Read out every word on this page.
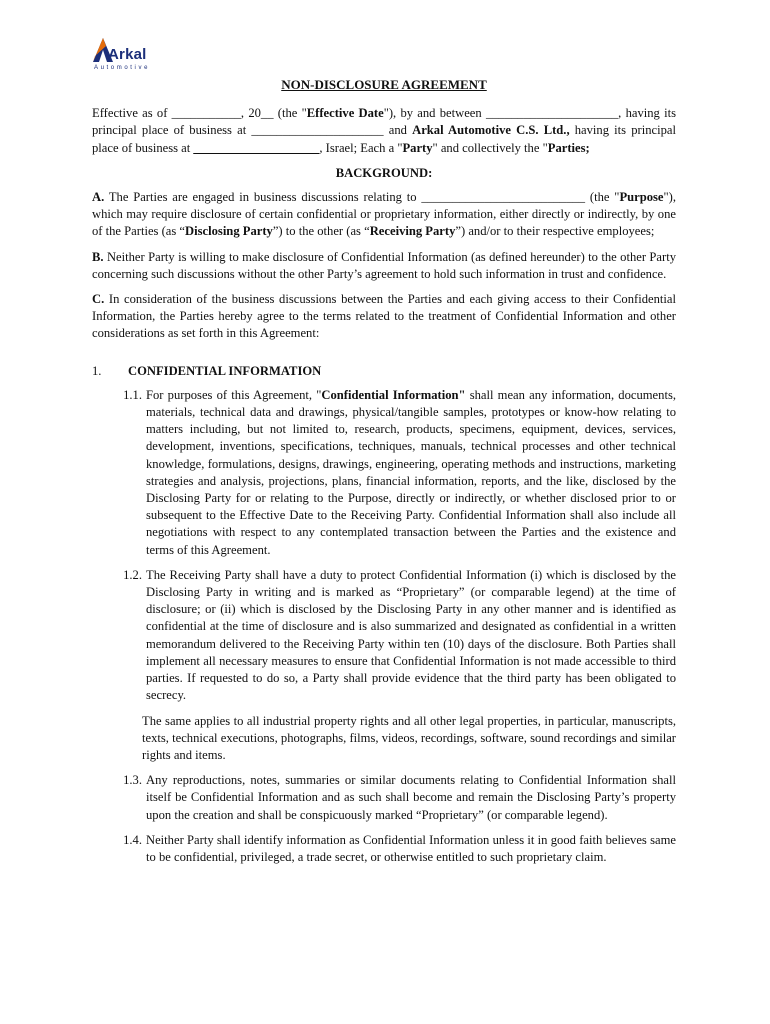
Arkal
Automotive
NON-DISCLOSURE AGREEMENT

Effective as of ___________, 20__ (the "Effective Date"), by and between _____________________, having its principal place of business at _____________________ and Arkal Automotive C.S. Ltd., having its principal place of business at ____________________, Israel; Each a "Party" and collectively the "Parties;

BACKGROUND:

A. The Parties are engaged in business discussions relating to __________________________ (the "Purpose"), which may require disclosure of certain confidential or proprietary information, either directly or indirectly, by one of the Parties (as “Disclosing Party”) to the other (as “Receiving Party”) and/or to their respective employees;

B. Neither Party is willing to make disclosure of Confidential Information (as defined hereunder) to the other Party concerning such discussions without the other Party’s agreement to hold such information in trust and confidence.

C. In consideration of the business discussions between the Parties and each giving access to their Confidential Information, the Parties hereby agree to the terms related to the treatment of Confidential Information and other considerations as set forth in this Agreement:

1.	CONFIDENTIAL INFORMATION
1.1. For purposes of this Agreement, "Confidential Information" shall mean any information, documents, materials, technical data and drawings, physical/tangible samples, prototypes or know-how relating to matters including, but not limited to, research, products, specimens, equipment, devices, services, development, inventions, specifications, techniques, manuals, technical processes and other technical knowledge, formulations, designs, drawings, engineering, operating methods and instructions, marketing strategies and analysis, projections, plans, financial information, reports, and the like, disclosed by the Disclosing Party for or relating to the Purpose, directly or indirectly, or whether disclosed prior to or subsequent to the Effective Date to the Receiving Party. Confidential Information shall also include all negotiations with respect to any contemplated transaction between the Parties and the existence and terms of this Agreement.
1.2. The Receiving Party shall have a duty to protect Confidential Information (i) which is disclosed by the Disclosing Party in writing and is marked as “Proprietary” (or comparable legend) at the time of disclosure; or (ii) which is disclosed by the Disclosing Party in any other manner and is identified as confidential at the time of disclosure and is also summarized and designated as confidential in a written memorandum delivered to the Receiving Party within ten (10) days of the disclosure. Both Parties shall implement all necessary measures to ensure that Confidential Information is not made accessible to third parties. If requested to do so, a Party shall provide evidence that the third party has been obligated to secrecy.

The same applies to all industrial property rights and all other legal properties, in particular, manuscripts, texts, technical executions, photographs, films, videos, recordings, software, sound recordings and similar rights and items.

1.3. Any reproductions, notes, summaries or similar documents relating to Confidential Information shall itself be Confidential Information and as such shall become and remain the Disclosing Party’s property upon the creation and shall be conspicuously marked “Proprietary” (or comparable legend).
1.4. Neither Party shall identify information as Confidential Information unless it in good faith believes same to be confidential, privileged, a trade secret, or otherwise entitled to such proprietary claim.
